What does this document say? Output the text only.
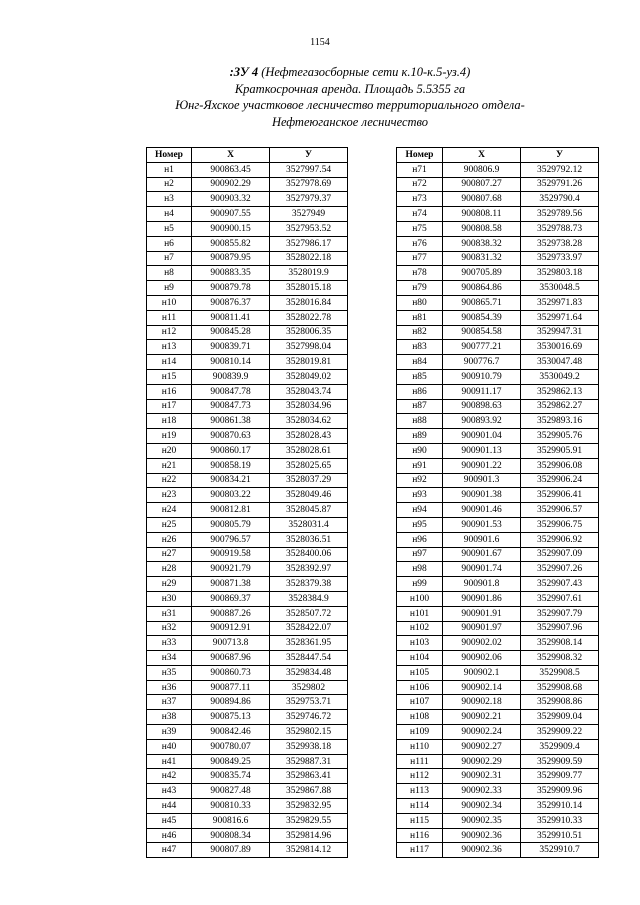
1154
:ЗУ 4 (Нефтегазосборные сети к.10-к.5-уз.4)
Краткосрочная аренда. Площадь 5.5355 га
Юнг-Яхское участковое лесничество территориального отдела-
Нефтеюганское лесничество
Номер	X	У
н1	900863.45	3527997.54
н2	900902.29	3527978.69
н3	900903.32	3527979.37
н4	900907.55	3527949
н5	900900.15	3527953.52
н6	900855.82	3527986.17
н7	900879.95	3528022.18
н8	900883.35	3528019.9
н9	900879.78	3528015.18
н10	900876.37	3528016.84
н11	900811.41	3528022.78
н12	900845.28	3528006.35
н13	900839.71	3527998.04
н14	900810.14	3528019.81
н15	900839.9	3528049.02
н16	900847.78	3528043.74
н17	900847.73	3528034.96
н18	900861.38	3528034.62
н19	900870.63	3528028.43
н20	900860.17	3528028.61
н21	900858.19	3528025.65
н22	900834.21	3528037.29
н23	900803.22	3528049.46
н24	900812.81	3528045.87
н25	900805.79	3528031.4
н26	900796.57	3528036.51
н27	900919.58	3528400.06
н28	900921.79	3528392.97
н29	900871.38	3528379.38
н30	900869.37	3528384.9
н31	900887.26	3528507.72
н32	900912.91	3528422.07
н33	900713.8	3528361.95
н34	900687.96	3528447.54
н35	900860.73	3529834.48
н36	900877.11	3529802
н37	900894.86	3529753.71
н38	900875.13	3529746.72
н39	900842.46	3529802.15
н40	900780.07	3529938.18
н41	900849.25	3529887.31
н42	900835.74	3529863.41
н43	900827.48	3529867.88
н44	900810.33	3529832.95
н45	900816.6	3529829.55
н46	900808.34	3529814.96
н47	900807.89	3529814.12
Номер	X	У
н71	900806.9	3529792.12
н72	900807.27	3529791.26
н73	900807.68	3529790.4
н74	900808.11	3529789.56
н75	900808.58	3529788.73
н76	900838.32	3529738.28
н77	900831.32	3529733.97
н78	900705.89	3529803.18
н79	900864.86	3530048.5
н80	900865.71	3529971.83
н81	900854.39	3529971.64
н82	900854.58	3529947.31
н83	900777.21	3530016.69
н84	900776.7	3530047.48
н85	900910.79	3530049.2
н86	900911.17	3529862.13
н87	900898.63	3529862.27
н88	900893.92	3529893.16
н89	900901.04	3529905.76
н90	900901.13	3529905.91
н91	900901.22	3529906.08
н92	900901.3	3529906.24
н93	900901.38	3529906.41
н94	900901.46	3529906.57
н95	900901.53	3529906.75
н96	900901.6	3529906.92
н97	900901.67	3529907.09
н98	900901.74	3529907.26
н99	900901.8	3529907.43
н100	900901.86	3529907.61
н101	900901.91	3529907.79
н102	900901.97	3529907.96
н103	900902.02	3529908.14
н104	900902.06	3529908.32
н105	900902.1	3529908.5
н106	900902.14	3529908.68
н107	900902.18	3529908.86
н108	900902.21	3529909.04
н109	900902.24	3529909.22
н110	900902.27	3529909.4
н111	900902.29	3529909.59
н112	900902.31	3529909.77
н113	900902.33	3529909.96
н114	900902.34	3529910.14
н115	900902.35	3529910.33
н116	900902.36	3529910.51
н117	900902.36	3529910.7
